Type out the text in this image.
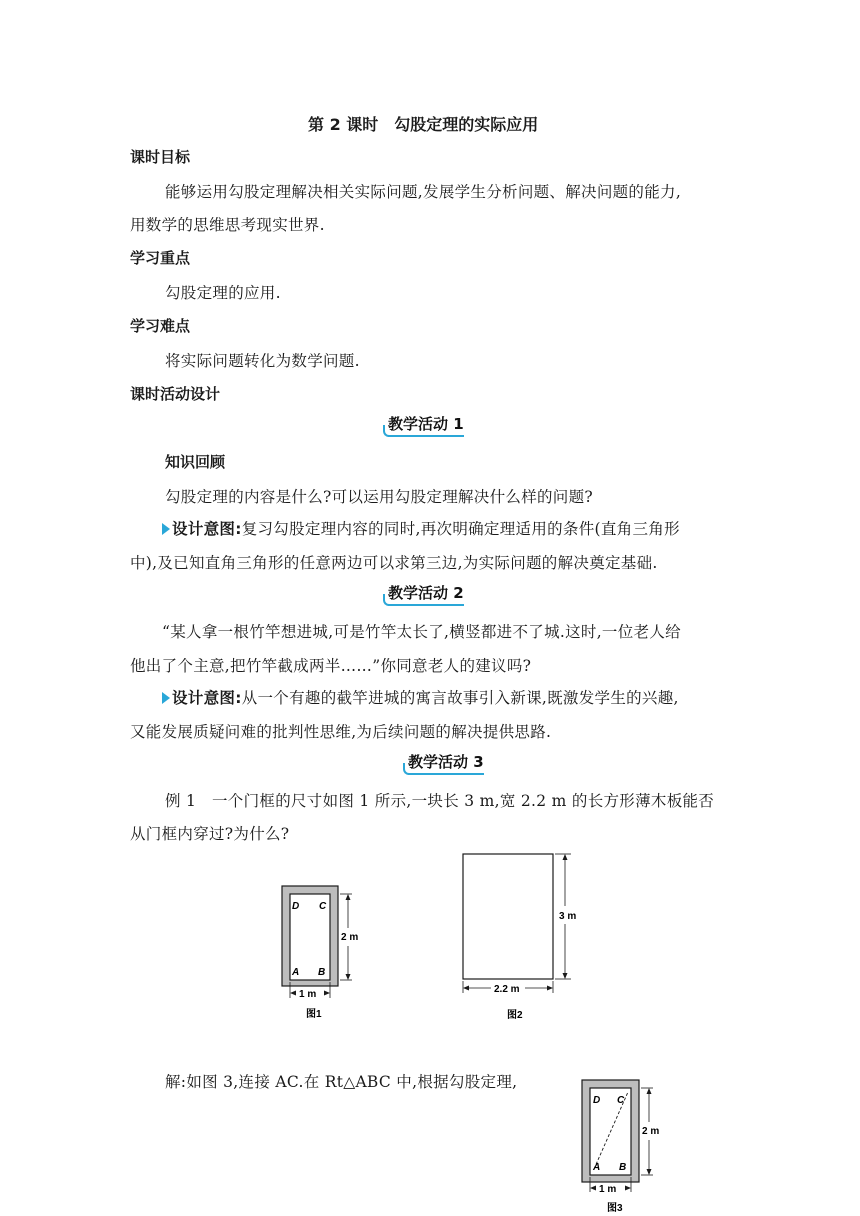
第 2 课时　勾股定理的实际应用
课时目标
能够运用勾股定理解决相关实际问题,发展学生分析问题、解决问题的能力,
用数学的思维思考现实世界.
学习重点
勾股定理的应用.
学习难点
将实际问题转化为数学问题.
课时活动设计
教学活动 1
知识回顾
勾股定理的内容是什么?可以运用勾股定理解决什么样的问题?
设计意图:复习勾股定理内容的同时,再次明确定理适用的条件(直角三角形
中),及已知直角三角形的任意两边可以求第三边,为实际问题的解决奠定基础.
教学活动 2
“某人拿一根竹竿想进城,可是竹竿太长了,横竖都进不了城.这时,一位老人给
他出了个主意,把竹竿截成两半……”你同意老人的建议吗?
设计意图:从一个有趣的截竿进城的寓言故事引入新课,既激发学生的兴趣,
又能发展质疑问难的批判性思维,为后续问题的解决提供思路.
教学活动 3
例 1　一个门框的尺寸如图 1 所示,一块长 3 m,宽 2.2 m 的长方形薄木板能否
从门框内穿过?为什么?
D C
A B
2 m
1 m
图1
3 m
2.2 m
图2
解:如图 3,连接 AC.在 Rt△ABC 中,根据勾股定理,
D C
A B
2 m
1 m
图3
